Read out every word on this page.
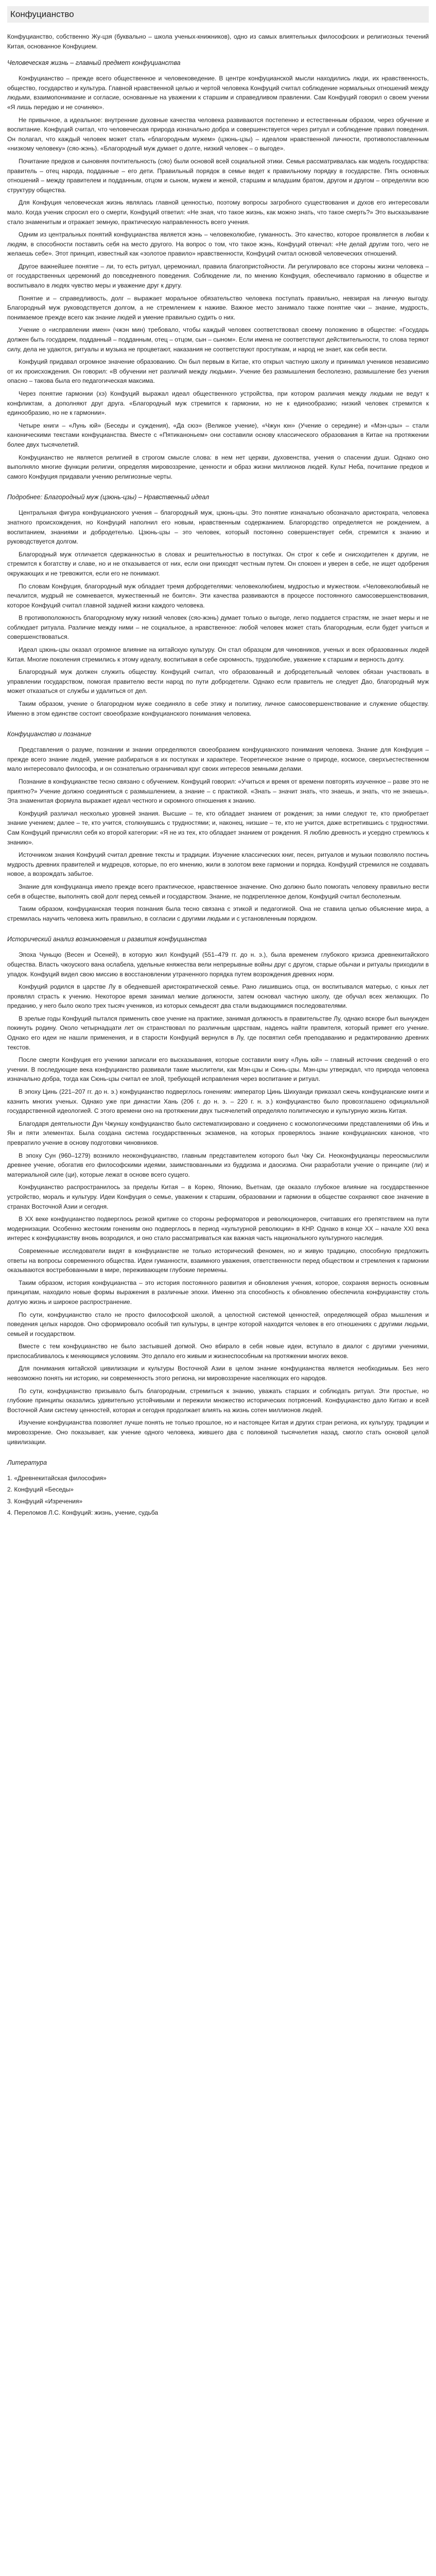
Конфуцианство

Конфуцианство, собственно Жу-цзя (буквально – школа ученых-книжников), одно из самых влиятельных философских и религиозных течений Китая, основанное Конфуцием.

Человеческая жизнь – главный предмет конфуцианства

Конфуцианство – прежде всего общественное и человековедение. В центре конфуцианской мысли находились люди, их нравственность, общество, государство и культура. Главной нравственной целью и чертой человека Конфуций считал соблюдение нормальных отношений между людьми, взаимопонимание и согласие, основанные на уважении к старшим и справедливом правлении. Сам Конфуций говорил о своем учении «Я лишь передаю и не сочиняю».

Не привычное, а идеальное: внутренние духовные качества человека развиваются постепенно и естественным образом, через обучение и воспитание. Конфуций считал, что человеческая природа изначально добра и совершенствуется через ритуал и соблюдение правил поведения. Он полагал, что каждый человек может стать «благородным мужем» (цзюнь-цзы) – идеалом нравственной личности, противопоставленным «низкому человеку» (сяо-жэнь). «Благородный муж думает о долге, низкий человек – о выгоде».

Почитание предков и сыновняя почтительность (сяо) были основой всей социальной этики. Семья рассматривалась как модель государства: правитель – отец народа, подданные – его дети. Правильный порядок в семье ведет к правильному порядку в государстве. Пять основных отношений – между правителем и подданным, отцом и сыном, мужем и женой, старшим и младшим братом, другом и другом – определяли всю структуру общества.

Для Конфуция человеческая жизнь являлась главной ценностью, поэтому вопросы загробного существования и духов его интересовали мало. Когда ученик спросил его о смерти, Конфуций ответил: «Не зная, что такое жизнь, как можно знать, что такое смерть?» Это высказывание стало знаменитым и отражает земную, практическую направленность всего учения.

Одним из центральных понятий конфуцианства является жэнь – человеколюбие, гуманность. Это качество, которое проявляется в любви к людям, в способности поставить себя на место другого. На вопрос о том, что такое жэнь, Конфуций отвечал: «Не делай другим того, чего не желаешь себе». Этот принцип, известный как «золотое правило» нравственности, Конфуций считал основой человеческих отношений.

Другое важнейшее понятие – ли, то есть ритуал, церемониал, правила благопристойности. Ли регулировало все стороны жизни человека – от государственных церемоний до повседневного поведения. Соблюдение ли, по мнению Конфуция, обеспечивало гармонию в обществе и воспитывало в людях чувство меры и уважение друг к другу.

Понятие и – справедливость, долг – выражает моральное обязательство человека поступать правильно, невзирая на личную выгоду. Благородный муж руководствуется долгом, а не стремлением к наживе. Важное место занимало также понятие чжи – знание, мудрость, понимаемое прежде всего как знание людей и умение правильно судить о них.

Учение о «исправлении имен» (чжэн мин) требовало, чтобы каждый человек соответствовал своему положению в обществе: «Государь должен быть государем, подданный – подданным, отец – отцом, сын – сыном». Если имена не соответствуют действительности, то слова теряют силу, дела не удаются, ритуалы и музыка не процветают, наказания не соответствуют проступкам, и народ не знает, как себя вести.

Конфуций придавал огромное значение образованию. Он был первым в Китае, кто открыл частную школу и принимал учеников независимо от их происхождения. Он говорил: «В обучении нет различий между людьми». Учение без размышления бесполезно, размышление без учения опасно – такова была его педагогическая максима.

Через понятие гармонии (хэ) Конфуций выражал идеал общественного устройства, при котором различия между людьми не ведут к конфликтам, а дополняют друг друга. «Благородный муж стремится к гармонии, но не к единообразию; низкий человек стремится к единообразию, но не к гармонии».

Четыре книги – «Лунь юй» (Беседы и суждения), «Да сюэ» (Великое учение), «Чжун юн» (Учение о середине) и «Мэн-цзы» – стали каноническими текстами конфуцианства. Вместе с «Пятиканоньем» они составили основу классического образования в Китае на протяжении более двух тысячелетий.

Конфуцианство не является религией в строгом смысле слова: в нем нет церкви, духовенства, учения о спасении души. Однако оно выполняло многие функции религии, определяя мировоззрение, ценности и образ жизни миллионов людей. Культ Неба, почитание предков и самого Конфуция придавали учению религиозные черты.

Подробнее: Благородный муж (цзюнь-цзы) – Нравственный идеал

Центральная фигура конфуцианского учения – благородный муж, цзюнь-цзы. Это понятие изначально обозначало аристократа, человека знатного происхождения, но Конфуций наполнил его новым, нравственным содержанием. Благородство определяется не рождением, а воспитанием, знаниями и добродетелью. Цзюнь-цзы – это человек, который постоянно совершенствует себя, стремится к знанию и руководствуется долгом.

Благородный муж отличается сдержанностью в словах и решительностью в поступках. Он строг к себе и снисходителен к другим, не стремится к богатству и славе, но и не отказывается от них, если они приходят честным путем. Он спокоен и уверен в себе, не ищет одобрения окружающих и не тревожится, если его не понимают.

По словам Конфуция, благородный муж обладает тремя добродетелями: человеколюбием, мудростью и мужеством. «Человеколюбивый не печалится, мудрый не сомневается, мужественный не боится». Эти качества развиваются в процессе постоянного самосовершенствования, которое Конфуций считал главной задачей жизни каждого человека.

В противоположность благородному мужу низкий человек (сяо-жэнь) думает только о выгоде, легко поддается страстям, не знает меры и не соблюдает ритуала. Различие между ними – не социальное, а нравственное: любой человек может стать благородным, если будет учиться и совершенствоваться.

Идеал цзюнь-цзы оказал огромное влияние на китайскую культуру. Он стал образцом для чиновников, ученых и всех образованных людей Китая. Многие поколения стремились к этому идеалу, воспитывая в себе скромность, трудолюбие, уважение к старшим и верность долгу.

Благородный муж должен служить обществу. Конфуций считал, что образованный и добродетельный человек обязан участвовать в управлении государством, помогая правителю вести народ по пути добродетели. Однако если правитель не следует Дао, благородный муж может отказаться от службы и удалиться от дел.

Таким образом, учение о благородном муже соединяло в себе этику и политику, личное самосовершенствование и служение обществу. Именно в этом единстве состоит своеобразие конфуцианского понимания человека.

Конфуцианство и познание

Представления о разуме, познании и знании определяются своеобразием конфуцианского понимания человека. Знание для Конфуция – прежде всего знание людей, умение разбираться в их поступках и характере. Теоретическое знание о природе, космосе, сверхъестественном мало интересовало философа, и он сознательно ограничивал круг своих интересов земными делами.

Познание в конфуцианстве тесно связано с обучением. Конфуций говорил: «Учиться и время от времени повторять изученное – разве это не приятно?» Учение должно соединяться с размышлением, а знание – с практикой. «Знать – значит знать, что знаешь, и знать, что не знаешь». Эта знаменитая формула выражает идеал честного и скромного отношения к знанию.

Конфуций различал несколько уровней знания. Высшие – те, кто обладает знанием от рождения; за ними следуют те, кто приобретает знание учением; далее – те, кто учится, столкнувшись с трудностями; и, наконец, низшие – те, кто не учится, даже встретившись с трудностями. Сам Конфуций причислял себя ко второй категории: «Я не из тех, кто обладает знанием от рождения. Я люблю древность и усердно стремлюсь к знанию».

Источником знания Конфуций считал древние тексты и традиции. Изучение классических книг, песен, ритуалов и музыки позволяло постичь мудрость древних правителей и мудрецов, которые, по его мнению, жили в золотом веке гармонии и порядка. Конфуций стремился не создавать новое, а возрождать забытое.

Знание для конфуцианца имело прежде всего практическое, нравственное значение. Оно должно было помогать человеку правильно вести себя в обществе, выполнять свой долг перед семьей и государством. Знание, не подкрепленное делом, Конфуций считал бесполезным.

Таким образом, конфуцианская теория познания была тесно связана с этикой и педагогикой. Она не ставила целью объяснение мира, а стремилась научить человека жить правильно, в согласии с другими людьми и с установленным порядком.

Исторический анализ возникновения и развития конфуцианства

Эпоха Чуньцю (Весен и Осеней), в которую жил Конфуций (551–479 гг. до н. э.), была временем глубокого кризиса древнекитайского общества. Власть чжоуского вана ослабела, удельные княжества вели непрерывные войны друг с другом, старые обычаи и ритуалы приходили в упадок. Конфуций видел свою миссию в восстановлении утраченного порядка путем возрождения древних норм.

Конфуций родился в царстве Лу в обедневшей аристократической семье. Рано лишившись отца, он воспитывался матерью, с юных лет проявлял страсть к учению. Некоторое время занимал мелкие должности, затем основал частную школу, где обучал всех желающих. По преданию, у него было около трех тысяч учеников, из которых семьдесят два стали выдающимися последователями.

В зрелые годы Конфуций пытался применить свое учение на практике, занимая должность в правительстве Лу, однако вскоре был вынужден покинуть родину. Около четырнадцати лет он странствовал по различным царствам, надеясь найти правителя, который примет его учение. Однако его идеи не нашли применения, и в старости Конфуций вернулся в Лу, где посвятил себя преподаванию и редактированию древних текстов.

После смерти Конфуция его ученики записали его высказывания, которые составили книгу «Лунь юй» – главный источник сведений о его учении. В последующие века конфуцианство развивали такие мыслители, как Мэн-цзы и Сюнь-цзы. Мэн-цзы утверждал, что природа человека изначально добра, тогда как Сюнь-цзы считал ее злой, требующей исправления через воспитание и ритуал.

В эпоху Цинь (221–207 гг. до н. э.) конфуцианство подверглось гонениям: император Цинь Шихуанди приказал сжечь конфуцианские книги и казнить многих ученых. Однако уже при династии Хань (206 г. до н. э. – 220 г. н. э.) конфуцианство было провозглашено официальной государственной идеологией. С этого времени оно на протяжении двух тысячелетий определяло политическую и культурную жизнь Китая.

Благодаря деятельности Дун Чжуншу конфуцианство было систематизировано и соединено с космологическими представлениями об Инь и Ян и пяти элементах. Была создана система государственных экзаменов, на которых проверялось знание конфуцианских канонов, что превратило учение в основу подготовки чиновников.

В эпоху Сун (960–1279) возникло неоконфуцианство, главным представителем которого был Чжу Си. Неоконфуцианцы переосмыслили древнее учение, обогатив его философскими идеями, заимствованными из буддизма и даосизма. Они разработали учение о принципе (ли) и материальной силе (ци), которые лежат в основе всего сущего.

Конфуцианство распространилось за пределы Китая – в Корею, Японию, Вьетнам, где оказало глубокое влияние на государственное устройство, мораль и культуру. Идеи Конфуция о семье, уважении к старшим, образовании и гармонии в обществе сохраняют свое значение в странах Восточной Азии и сегодня.

В XX веке конфуцианство подверглось резкой критике со стороны реформаторов и революционеров, считавших его препятствием на пути модернизации. Особенно жестоким гонениям оно подверглось в период «культурной революции» в КНР. Однако в конце XX – начале XXI века интерес к конфуцианству вновь возродился, и оно стало рассматриваться как важная часть национального культурного наследия.

Современные исследователи видят в конфуцианстве не только исторический феномен, но и живую традицию, способную предложить ответы на вопросы современного общества. Идеи гуманности, взаимного уважения, ответственности перед обществом и стремления к гармонии оказываются востребованными в мире, переживающем глубокие перемены.

Таким образом, история конфуцианства – это история постоянного развития и обновления учения, которое, сохраняя верность основным принципам, находило новые формы выражения в различные эпохи. Именно эта способность к обновлению обеспечила конфуцианству столь долгую жизнь и широкое распространение.

По сути, конфуцианство стало не просто философской школой, а целостной системой ценностей, определяющей образ мышления и поведения целых народов. Оно сформировало особый тип культуры, в центре которой находится человек в его отношениях с другими людьми, семьей и государством.

Вместе с тем конфуцианство не было застывшей догмой. Оно вбирало в себя новые идеи, вступало в диалог с другими учениями, приспосабливалось к меняющимся условиям. Это делало его живым и жизнеспособным на протяжении многих веков.

Для понимания китайской цивилизации и культуры Восточной Азии в целом знание конфуцианства является необходимым. Без него невозможно понять ни историю, ни современность этого региона, ни мировоззрение населяющих его народов.

По сути, конфуцианство призывало быть благородным, стремиться к знанию, уважать старших и соблюдать ритуал. Эти простые, но глубокие принципы оказались удивительно устойчивыми и пережили множество исторических потрясений. Конфуцианство дало Китаю и всей Восточной Азии систему ценностей, которая и сегодня продолжает влиять на жизнь сотен миллионов людей.

Изучение конфуцианства позволяет лучше понять не только прошлое, но и настоящее Китая и других стран региона, их культуру, традиции и мировоззрение. Оно показывает, как учение одного человека, жившего два с половиной тысячелетия назад, смогло стать основой целой цивилизации.

Литература
1. «Древнекитайская философия»
2. Конфуций «Беседы»
3. Конфуций «Изречения»
4. Переломов Л.С. Конфуций: жизнь, учение, судьба
